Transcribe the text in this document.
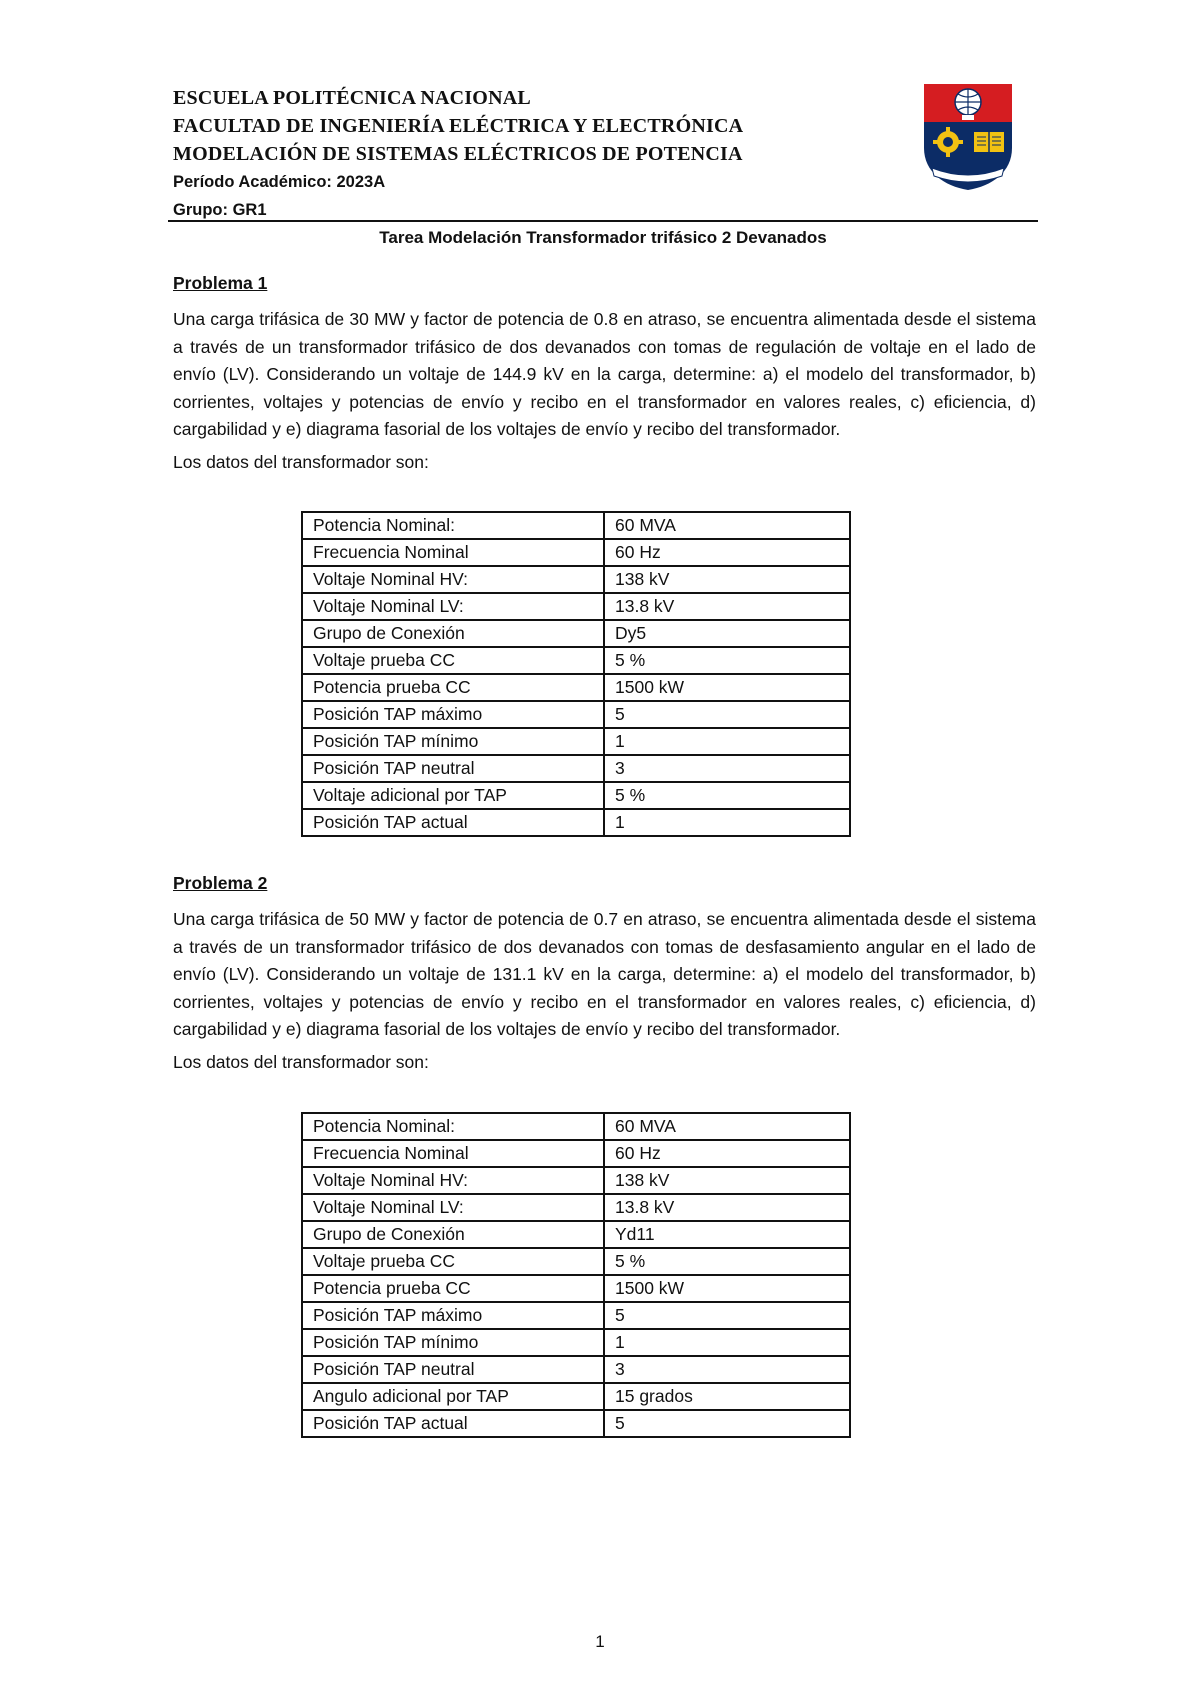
ESCUELA POLITÉCNICA NACIONAL
FACULTAD DE INGENIERÍA ELÉCTRICA Y ELECTRÓNICA
MODELACIÓN DE SISTEMAS ELÉCTRICOS DE POTENCIA
Período Académico: 2023A
Grupo: GR1
Tarea Modelación Transformador trifásico 2 Devanados
Problema 1
Una carga trifásica de 30 MW y factor de potencia de 0.8 en atraso, se encuentra alimentada desde el sistema a través de un transformador trifásico de dos devanados con tomas de regulación de voltaje en el lado de envío (LV). Considerando un voltaje de 144.9 kV en la carga, determine: a) el modelo del transformador, b) corrientes, voltajes y potencias de envío y recibo en el transformador en valores reales, c) eficiencia, d) cargabilidad y e) diagrama fasorial de los voltajes de envío y recibo del transformador.
Los datos del transformador son:
Potencia Nominal:	60 MVA
Frecuencia Nominal	60 Hz
Voltaje Nominal HV:	138 kV
Voltaje Nominal LV:	13.8 kV
Grupo de Conexión	Dy5
Voltaje prueba CC	5 %
Potencia prueba CC	1500 kW
Posición TAP máximo	5
Posición TAP mínimo	1
Posición TAP neutral	3
Voltaje adicional por TAP	5 %
Posición TAP actual	1
Problema 2
Una carga trifásica de 50 MW y factor de potencia de 0.7 en atraso, se encuentra alimentada desde el sistema a través de un transformador trifásico de dos devanados con tomas de desfasamiento angular en el lado de envío (LV). Considerando un voltaje de 131.1 kV en la carga, determine: a) el modelo del transformador, b) corrientes, voltajes y potencias de envío y recibo en el transformador en valores reales, c) eficiencia, d) cargabilidad y e) diagrama fasorial de los voltajes de envío y recibo del transformador.
Los datos del transformador son:
Potencia Nominal:	60 MVA
Frecuencia Nominal	60 Hz
Voltaje Nominal HV:	138 kV
Voltaje Nominal LV:	13.8 kV
Grupo de Conexión	Yd11
Voltaje prueba CC	5 %
Potencia prueba CC	1500 kW
Posición TAP máximo	5
Posición TAP mínimo	1
Posición TAP neutral	3
Angulo adicional por TAP	15 grados
Posición TAP actual	5
1
